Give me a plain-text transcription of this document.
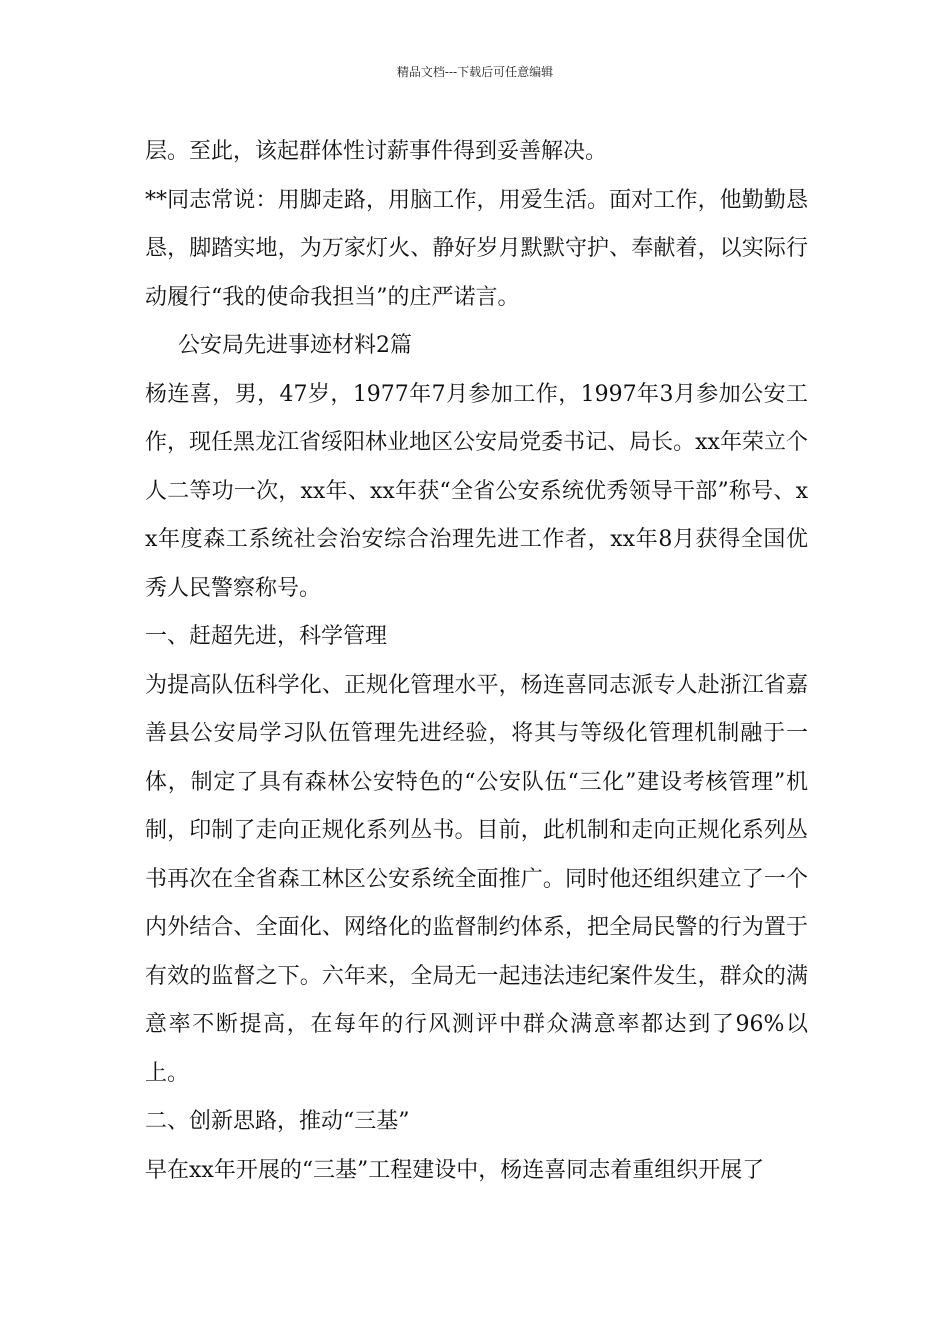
精品文档---下载后可任意编辑

层。至此，该起群体性讨薪事件得到妥善解决。

**同志常说：用脚走路，用脑工作，用爱生活。面对工作，他勤勤恳恳，脚踏实地，为万家灯火、静好岁月默默守护、奉献着，以实际行动履行“我的使命我担当”的庄严诺言。

公安局先进事迹材料2篇

杨连喜，男，47岁，1977年7月参加工作，1997年3月参加公安工作，现任黑龙江省绥阳林业地区公安局党委书记、局长。xx年荣立个人二等功一次，xx年、xx年获“全省公安系统优秀领导干部”称号、xx年度森工系统社会治安综合治理先进工作者，xx年8月获得全国优秀人民警察称号。

一、赶超先进，科学管理

为提高队伍科学化、正规化管理水平，杨连喜同志派专人赴浙江省嘉善县公安局学习队伍管理先进经验，将其与等级化管理机制融于一体，制定了具有森林公安特色的“公安队伍“三化”建设考核管理”机制，印制了走向正规化系列丛书。目前，此机制和走向正规化系列丛书再次在全省森工林区公安系统全面推广。同时他还组织建立了一个内外结合、全面化、网络化的监督制约体系，把全局民警的行为置于有效的监督之下。六年来，全局无一起违法违纪案件发生，群众的满意率不断提高，在每年的行风测评中群众满意率都达到了96%以上。

二、创新思路，推动“三基”

早在xx年开展的“三基”工程建设中，杨连喜同志着重组织开展了
